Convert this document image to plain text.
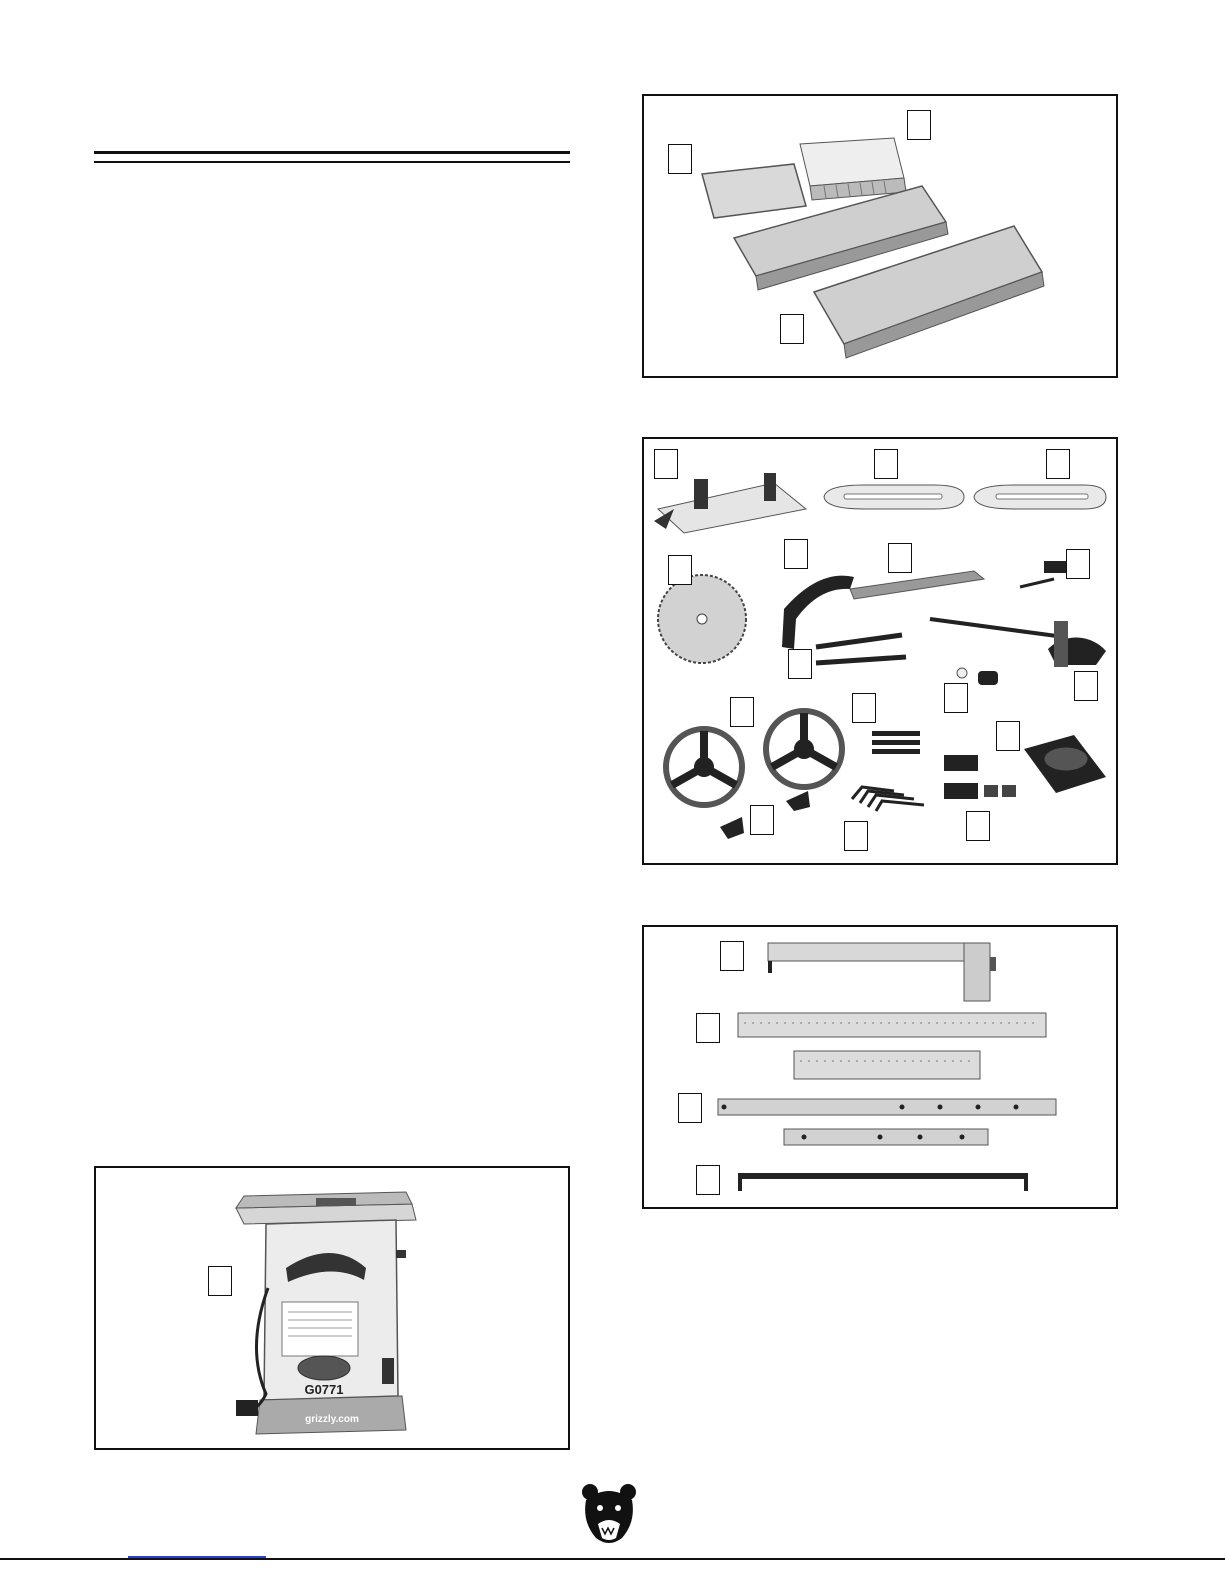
G0771
grizzly.com
